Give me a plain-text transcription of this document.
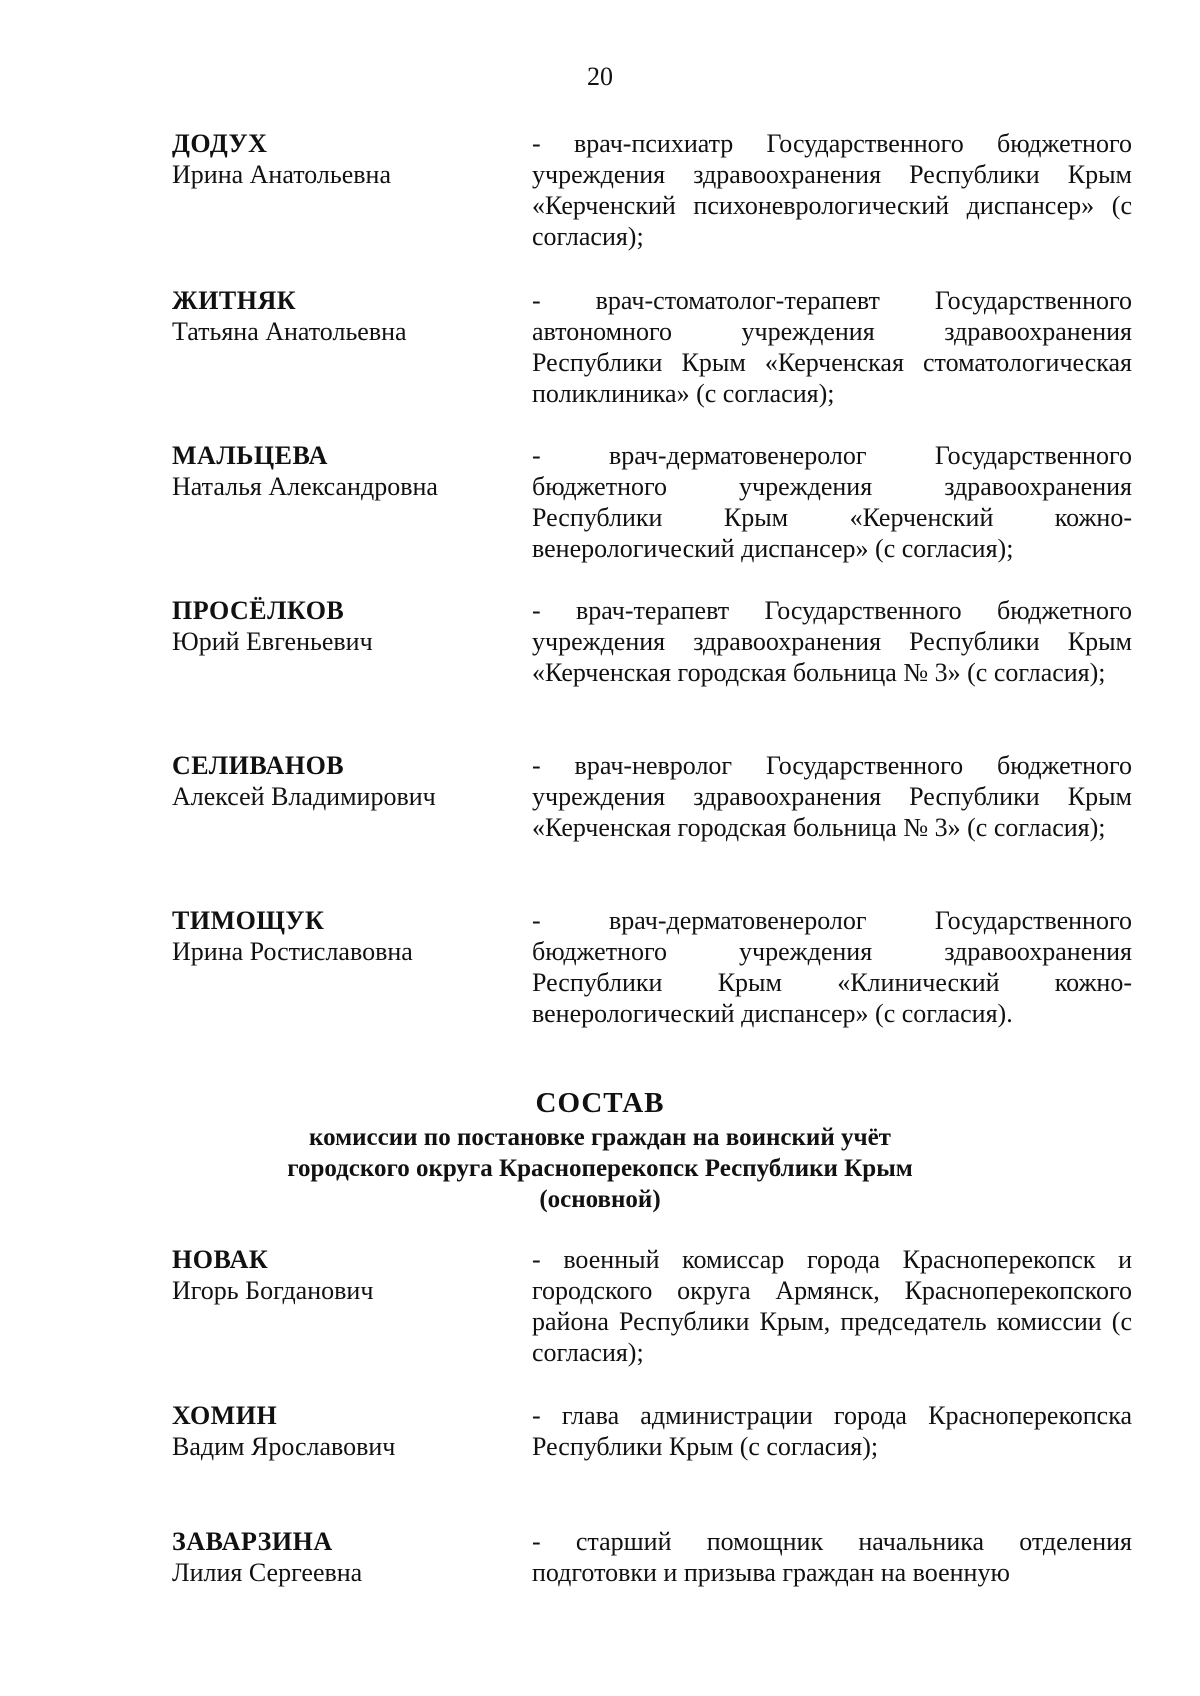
20
ДОДУХ
Ирина Анатольевна
- врач-психиатр Государственного бюджетного учреждения здравоохранения Республики Крым «Керченский психоневрологический диспансер» (с согласия);
ЖИТНЯК
Татьяна Анатольевна
- врач-стоматолог-терапевт Государственного автономного учреждения здравоохранения Республики Крым «Керченская стоматологическая поликлиника» (с согласия);
МАЛЬЦЕВА
Наталья Александровна
- врач-дерматовенеролог Государственного бюджетного учреждения здравоохранения Республики Крым «Керченский кожно-венерологический диспансер» (с согласия);
ПРОСЁЛКОВ
Юрий Евгеньевич
- врач-терапевт Государственного бюджетного учреждения здравоохранения Республики Крым «Керченская городская больница № 3» (с согласия);
СЕЛИВАНОВ
Алексей Владимирович
- врач-невролог Государственного бюджетного учреждения здравоохранения Республики Крым «Керченская городская больница № 3» (с согласия);
ТИМОЩУК
Ирина Ростиславовна
- врач-дерматовенеролог Государственного бюджетного учреждения здравоохранения Республики Крым «Клинический кожно-венерологический диспансер» (с согласия).
СОСТАВ
комиссии по постановке граждан на воинский учёт
городского округа Красноперекопск Республики Крым
(основной)
НОВАК
Игорь Богданович
- военный комиссар города Красноперекопск и городского округа Армянск, Красноперекопского района Республики Крым, председатель комиссии (с согласия);
ХОМИН
Вадим Ярославович
- глава администрации города Красноперекопска Республики Крым (с согласия);
ЗАВАРЗИНА
Лилия Сергеевна
- старший помощник начальника отделения подготовки и призыва граждан на военную
